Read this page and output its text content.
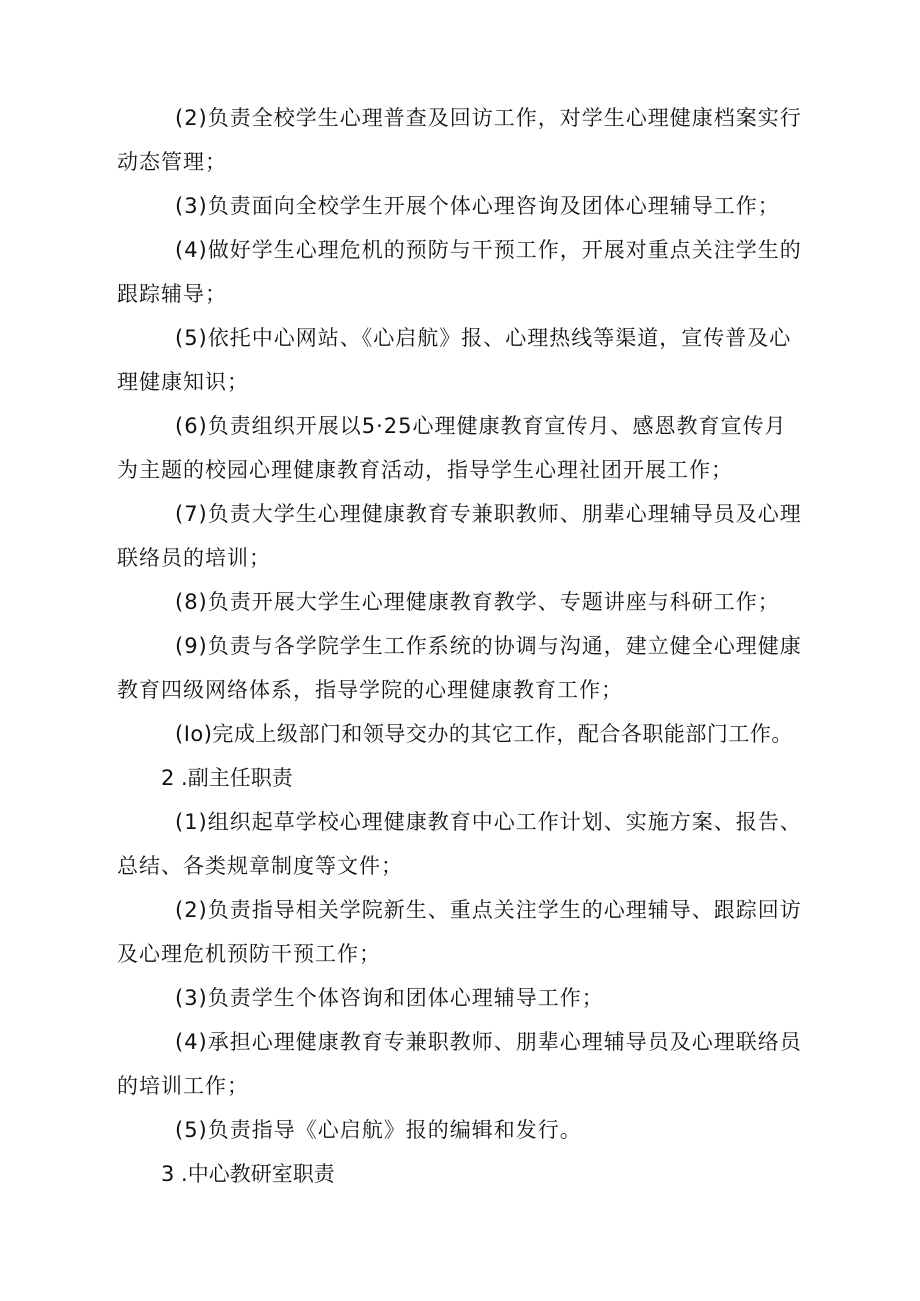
(2)负责全校学生心理普查及回访工作，对学生心理健康档案实行
动态管理；

(3)负责面向全校学生开展个体心理咨询及团体心理辅导工作；

(4)做好学生心理危机的预防与干预工作，开展对重点关注学生的
跟踪辅导；

(5)依托中心网站、《心启航》报、心理热线等渠道，宣传普及心
理健康知识；

(6)负责组织开展以5·25心理健康教育宣传月、感恩教育宣传月
为主题的校园心理健康教育活动，指导学生心理社团开展工作；

(7)负责大学生心理健康教育专兼职教师、朋辈心理辅导员及心理
联络员的培训；

(8)负责开展大学生心理健康教育教学、专题讲座与科研工作；

(9)负责与各学院学生工作系统的协调与沟通，建立健全心理健康
教育四级网络体系，指导学院的心理健康教育工作；

(Io)完成上级部门和领导交办的其它工作，配合各职能部门工作。

2 .副主任职责

(1)组织起草学校心理健康教育中心工作计划、实施方案、报告、
总结、各类规章制度等文件；

(2)负责指导相关学院新生、重点关注学生的心理辅导、跟踪回访
及心理危机预防干预工作；

(3)负责学生个体咨询和团体心理辅导工作；

(4)承担心理健康教育专兼职教师、朋辈心理辅导员及心理联络员
的培训工作；

(5)负责指导《心启航》报的编辑和发行。

3 .中心教研室职责
